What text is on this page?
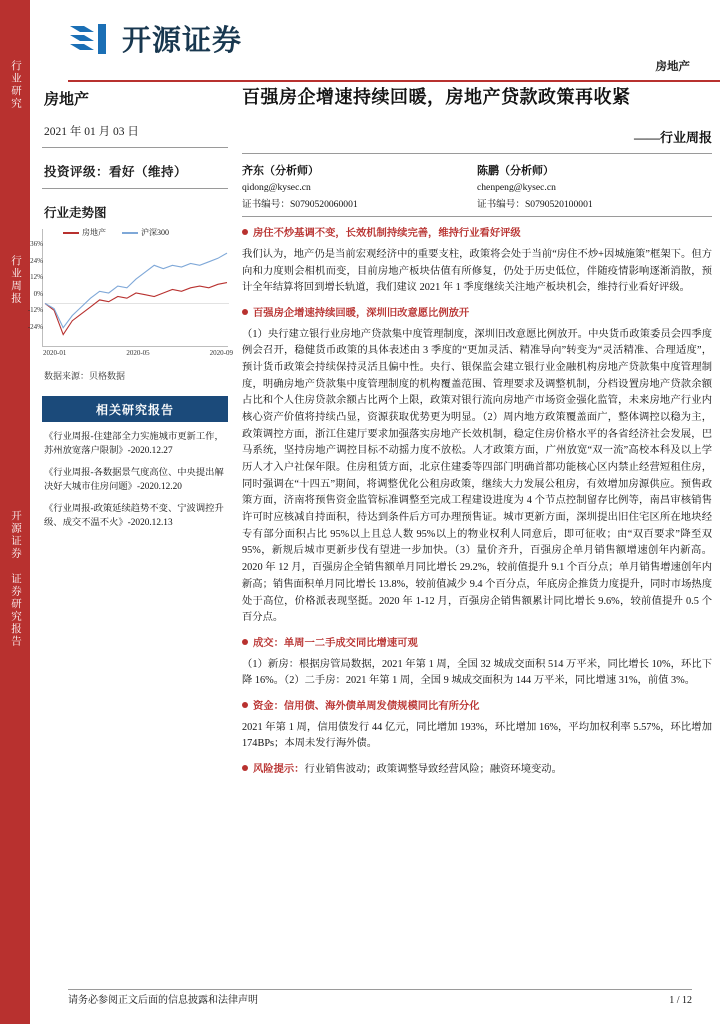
行业研究
行业周报
开源证券 证券研究报告
开源证券
房地产
房地产
2021 年 01 月 03 日
投资评级：看好（维持）
行业走势图
房地产	沪深300
36%
24%
12%
0%
-12%
-24%
2020-01	2020-05	2020-09
数据来源：贝格数据
相关研究报告
《行业周报-住建部全力实施城市更新工作，苏州放宽落户限制》-2020.12.27
《行业周报-各数据景气度高位、中央提出解决好大城市住房问题》-2020.12.20
《行业周报-政策延续趋势不变、宁波调控升级、成交不温不火》-2020.12.13
百强房企增速持续回暖，房地产贷款政策再收紧
——行业周报
齐东（分析师）
qidong@kysec.cn
证书编号：S0790520060001
陈鹏（分析师）
chenpeng@kysec.cn
证书编号：S0790520100001
房住不炒基调不变，长效机制持续完善，维持行业看好评级
我们认为，地产仍是当前宏观经济中的重要支柱，政策将会处于当前“房住不炒+因城施策”框架下。但方向和力度则会相机而变，目前房地产板块估值有所修复，仍处于历史低位，伴随疫情影响逐渐消散，预计全年结算将回到增长轨道，我们建议 2021 年 1 季度继续关注地产板块机会，维持行业看好评级。
百强房企增速持续回暖，深圳旧改意愿比例放开
（1）央行建立银行业房地产贷款集中度管理制度，深圳旧改意愿比例放开。中央货币政策委员会四季度例会召开，稳健货币政策的具体表述由 3 季度的“更加灵活、精准导向”转变为“灵活精准、合理适度”，预计货币政策会持续保持灵活且偏中性。央行、银保监会建立银行业金融机构房地产贷款集中度管理制度，明确房地产贷款集中度管理制度的机构覆盖范围、管理要求及调整机制，分档设置房地产贷款余额占比和个人住房贷款余额占比两个上限，政策对银行流向房地产市场资金强化监管，未来房地产行业内核心资产价值将持续凸显，资源获取优势更为明显。（2）周内地方政策覆盖面广，整体调控以稳为主，政策调控方面，浙江住建厅要求加强落实房地产长效机制，稳定住房价格水平的各省经济社会发展，巴马系统，坚持房地产调控目标不动摇力度不放松。人才政策方面，广州放宽“双一流”高校本科及以上学历人才入户社保年限。住房租赁方面，北京住建委等四部门明确首都功能核心区内禁止经营短租住房，同时强调在“十四五”期间，将调整优化公租房政策，继续大力发展公租房，有效增加房源供应。预售政策方面，济南将预售资金监管标准调整至完成工程建设进度为 4 个节点控制留存比例等，南昌审核销售许可时应核减自持面积，待达到条件后方可办理预售证。城市更新方面，深圳提出旧住宅区所在地块经专有部分面积占比 95%以上且总人数 95%以上的物业权利人同意后，即可征收；由“双百要求”降至双 95%，新规后城市更新步伐有望进一步加快。（3）量价齐升，百强房企单月销售额增速创年内新高。2020 年 12 月，百强房企全销售额单月同比增长 29.2%，较前值提升 9.1 个百分点；单月销售增速创年内新高；销售面积单月同比增长 13.8%，较前值减少 9.4 个百分点，年底房企推货力度提升，同时市场热度处于高位，价格派表现坚挺。2020 年 1-12 月，百强房企销售额累计同比增长 9.6%，较前值提升 0.5 个百分点。
成交：单周一二手成交同比增速可观
（1）新房：根据房管局数据，2021 年第 1 周，全国 32 城成交面积 514 万平米，同比增长 10%，环比下降 16%。（2）二手房：2021 年第 1 周，全国 9 城成交面积为 144 万平米，同比增速 31%，前值 3%。
资金：信用债、海外债单周发债规模同比有所分化
2021 年第 1 周，信用债发行 44 亿元，同比增加 193%，环比增加 16%，平均加权利率 5.57%，环比增加 174BPs；本周未发行海外债。
风险提示：行业销售波动；政策调整导致经营风险；融资环境变动。
请务必参阅正文后面的信息披露和法律声明	1 / 12
